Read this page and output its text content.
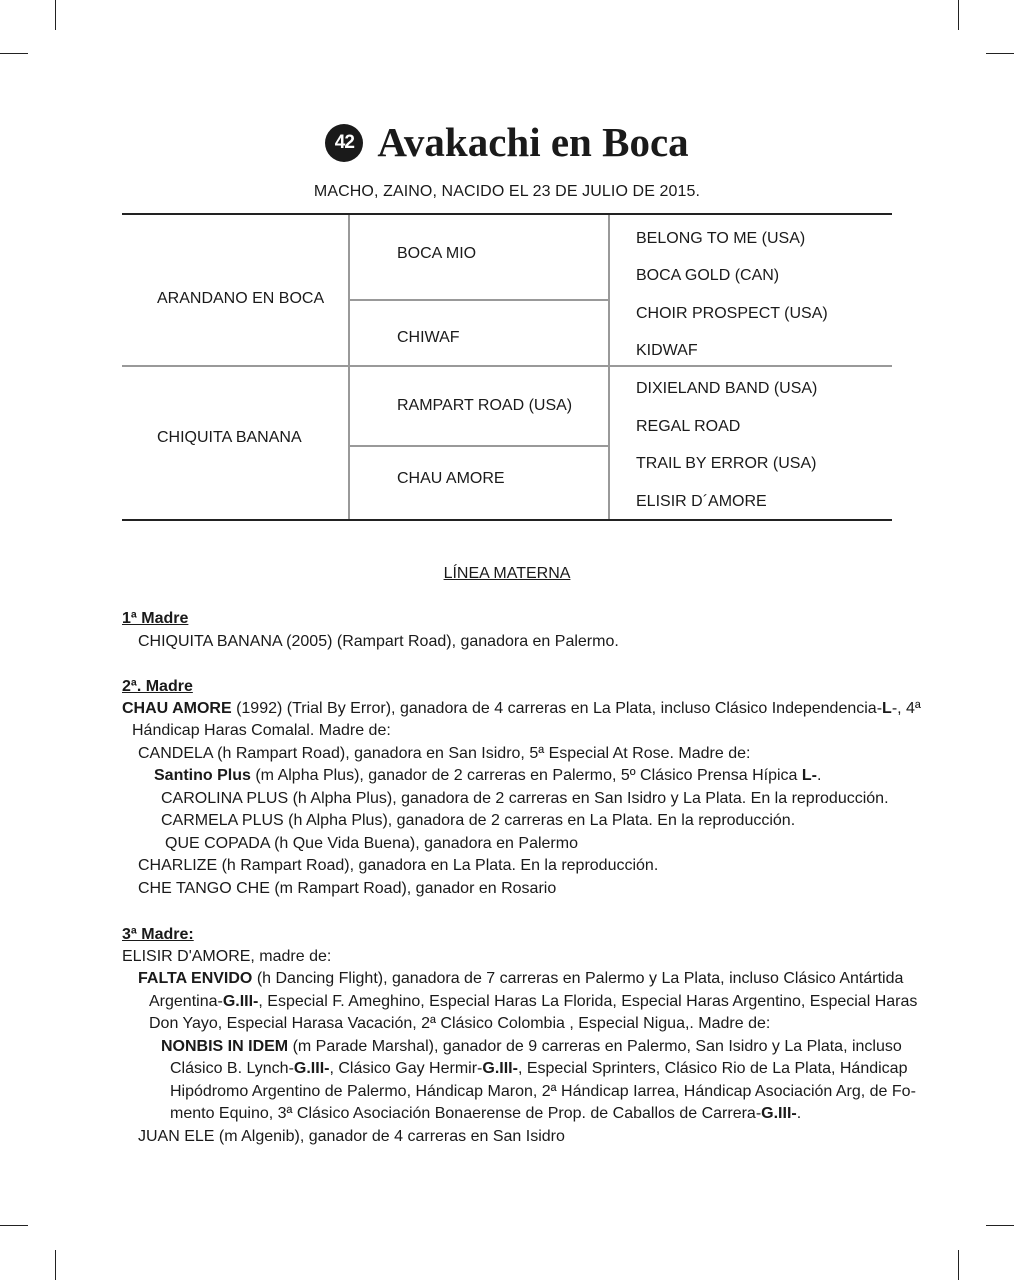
42 Avakachi en Boca
MACHO, ZAINO, NACIDO EL 23 DE JULIO DE 2015.
ARANDANO EN BOCA
CHIQUITA BANANA
BOCA MIO
CHIWAF
RAMPART ROAD (USA)
CHAU AMORE
BELONG TO ME (USA)
BOCA GOLD (CAN)
CHOIR PROSPECT (USA)
KIDWAF
DIXIELAND BAND (USA)
REGAL ROAD
TRAIL BY ERROR (USA)
ELISIR D´AMORE
LÍNEA MATERNA
1ª Madre
CHIQUITA BANANA (2005) (Rampart Road), ganadora en Palermo.
2ª. Madre
CHAU AMORE (1992) (Trial By Error), ganadora de 4 carreras en La Plata, incluso Clásico Independencia-L-, 4ª
Hándicap Haras Comalal. Madre de:
CANDELA (h Rampart Road), ganadora en San Isidro, 5ª Especial At Rose. Madre de:
Santino Plus (m Alpha Plus), ganador de 2 carreras en Palermo, 5º Clásico Prensa Hípica L-.
CAROLINA PLUS (h Alpha Plus), ganadora de 2 carreras en San Isidro y La Plata. En la reproducción.
CARMELA PLUS (h Alpha Plus), ganadora de 2 carreras en La Plata. En la reproducción.
QUE COPADA (h Que Vida Buena), ganadora en Palermo
CHARLIZE (h Rampart Road), ganadora en La Plata. En la reproducción.
CHE TANGO CHE (m Rampart Road), ganador en Rosario
3ª Madre:
ELISIR D'AMORE, madre de:
FALTA ENVIDO (h Dancing Flight), ganadora de 7 carreras en Palermo y La Plata, incluso Clásico Antártida
Argentina-G.III-, Especial F. Ameghino, Especial Haras La Florida, Especial Haras Argentino, Especial Haras
Don Yayo, Especial Harasa Vacación, 2ª Clásico Colombia , Especial Nigua,. Madre de:
NONBIS IN IDEM (m Parade Marshal), ganador de 9 carreras en Palermo, San Isidro y La Plata, incluso
Clásico B. Lynch-G.III-, Clásico Gay Hermir-G.III-, Especial Sprinters, Clásico Rio de La Plata, Hándicap
Hipódromo Argentino de Palermo, Hándicap Maron, 2ª Hándicap Iarrea, Hándicap Asociación Arg, de Fo-
mento Equino, 3ª Clásico Asociación Bonaerense de Prop. de Caballos de Carrera-G.III-.
JUAN ELE (m Algenib), ganador de 4 carreras en San Isidro
